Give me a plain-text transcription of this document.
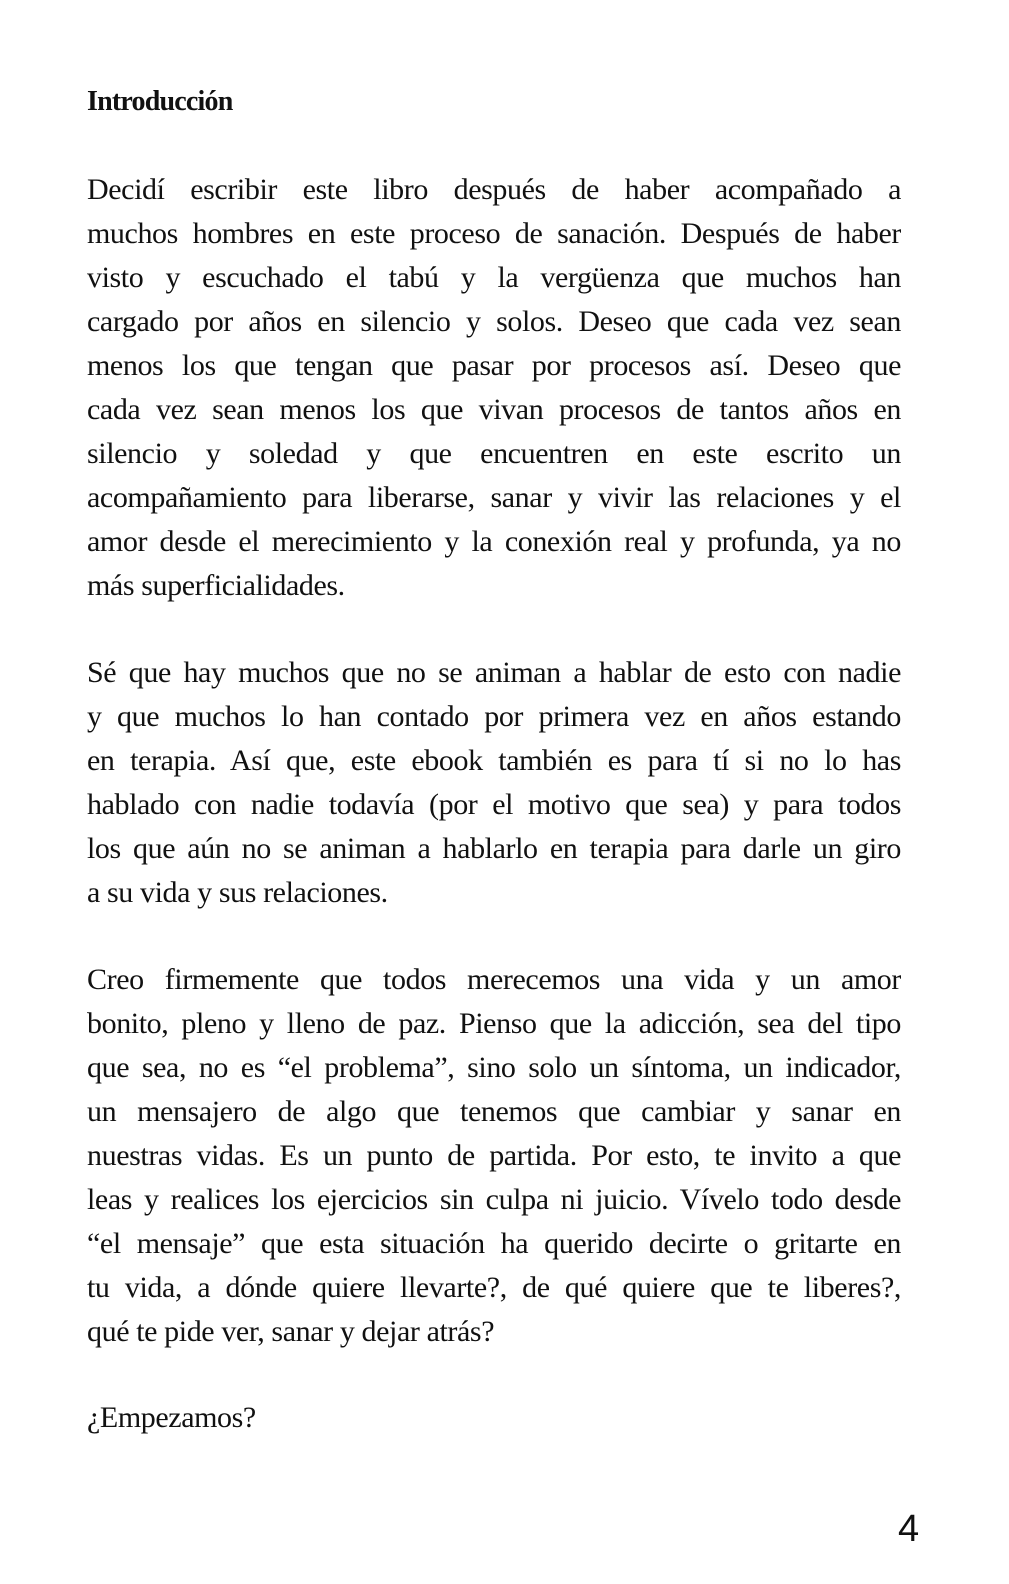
Introducción
Decidí escribir este libro después de haber acompañado a
muchos hombres en este proceso de sanación. Después de haber
visto y escuchado el tabú y la vergüenza que muchos han
cargado por años en silencio y solos. Deseo que cada vez sean
menos los que tengan que pasar por procesos así. Deseo que
cada vez sean menos los que vivan procesos de tantos años en
silencio y soledad y que encuentren en este escrito un
acompañamiento para liberarse, sanar y vivir las relaciones y el
amor desde el merecimiento y la conexión real y profunda, ya no
más superficialidades.
Sé que hay muchos que no se animan a hablar de esto con nadie
y que muchos lo han contado por primera vez en años estando
en terapia. Así que, este ebook también es para tí si no lo has
hablado con nadie todavía (por el motivo que sea) y para todos
los que aún no se animan a hablarlo en terapia para darle un giro
a su vida y sus relaciones.
Creo firmemente que todos merecemos una vida y un amor
bonito, pleno y lleno de paz. Pienso que la adicción, sea del tipo
que sea, no es “el problema”, sino solo un síntoma, un indicador,
un mensajero de algo que tenemos que cambiar y sanar en
nuestras vidas. Es un punto de partida. Por esto, te invito a que
leas y realices los ejercicios sin culpa ni juicio. Vívelo todo desde
“el mensaje” que esta situación ha querido decirte o gritarte en
tu vida, a dónde quiere llevarte?, de qué quiere que te liberes?,
qué te pide ver, sanar y dejar atrás?
¿Empezamos?
4
